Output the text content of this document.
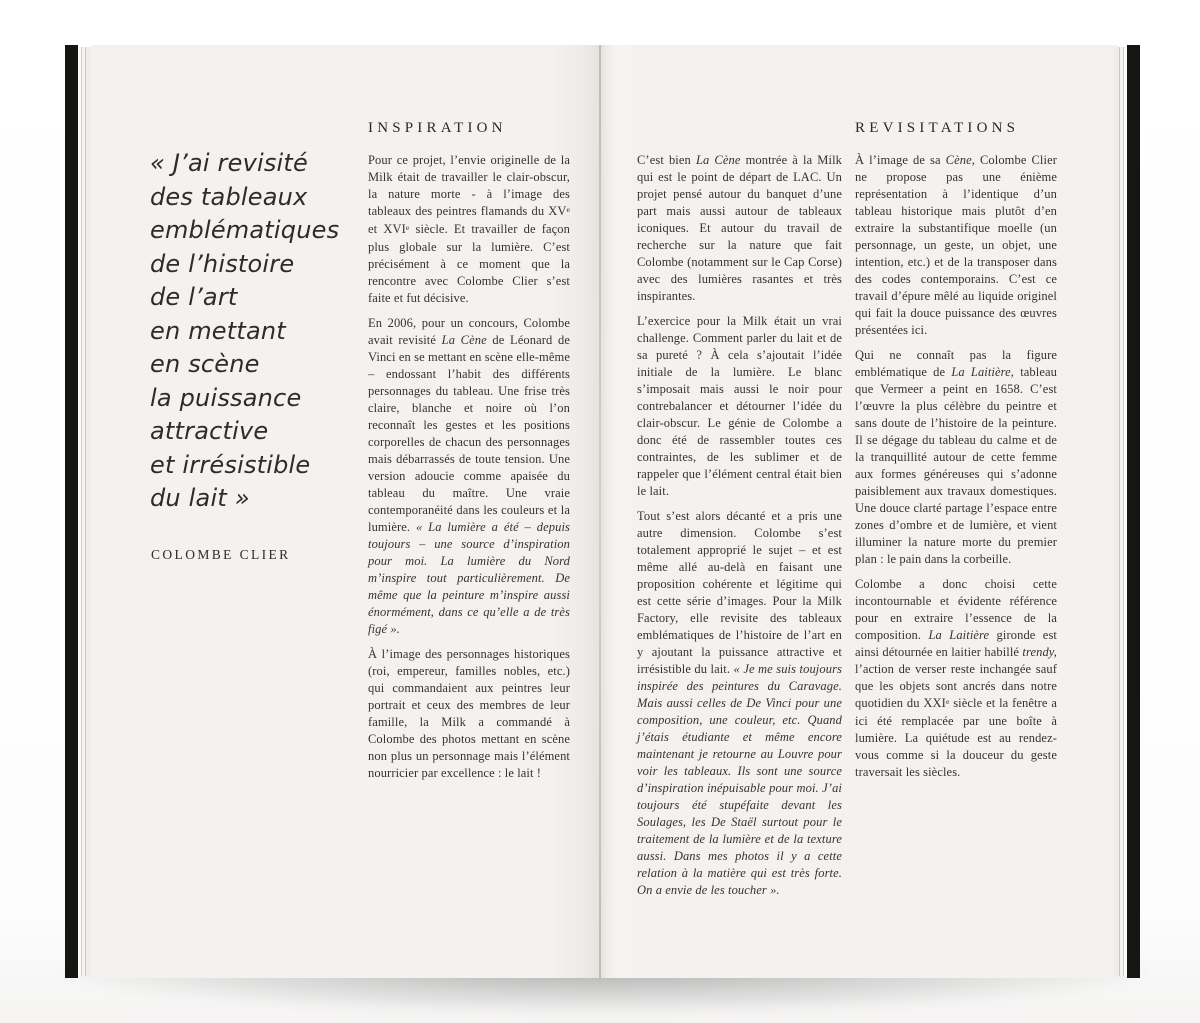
« J’ai revisité
des tableaux
emblématiques
de l’histoire
de l’art
en mettant
en scène
la puissance
attractive
et irrésistible
du lait »
COLOMBE CLIER
INSPIRATION

Pour ce projet, l’envie originelle de la Milk était de travailler le clair-obscur, la nature morte - à l’image des tableaux des peintres flamands du XVe et XVIe siècle. Et travailler de façon plus globale sur la lumière. C’est précisément à ce moment que la rencontre avec Colombe Clier s’est faite et fut décisive.

En 2006, pour un concours, Colombe avait revisité La Cène de Léonard de Vinci en se mettant en scène elle-même – endossant l’habit des différents personnages du tableau. Une frise très claire, blanche et noire où l’on reconnaît les gestes et les positions corporelles de chacun des personnages mais débarrassés de toute tension. Une version adoucie comme apaisée du tableau du maître. Une vraie contemporanéité dans les couleurs et la lumière. « La lumière a été – depuis toujours – une source d’inspiration pour moi. La lumière du Nord m’inspire tout particulièrement. De même que la peinture m’inspire aussi énormément, dans ce qu’elle a de très figé ».

À l’image des personnages historiques (roi, empereur, familles nobles, etc.) qui commandaient aux peintres leur portrait et ceux des membres de leur famille, la Milk a commandé à Colombe des photos mettant en scène non plus un personnage mais l’élément nourricier par excellence : le lait !

C’est bien La Cène montrée à la Milk qui est le point de départ de LAC. Un projet pensé autour du banquet d’une part mais aussi autour de tableaux iconiques. Et autour du travail de recherche sur la nature que fait Colombe (notamment sur le Cap Corse) avec des lumières rasantes et très inspirantes.

L’exercice pour la Milk était un vrai challenge. Comment parler du lait et de sa pureté ? À cela s’ajoutait l’idée initiale de la lumière. Le blanc s’imposait mais aussi le noir pour contrebalancer et détourner l’idée du clair-obscur. Le génie de Colombe a donc été de rassembler toutes ces contraintes, de les sublimer et de rappeler que l’élément central était bien le lait.

Tout s’est alors décanté et a pris une autre dimension. Colombe s’est totalement approprié le sujet – et est même allé au-delà en faisant une proposition cohérente et légitime qui est cette série d’images. Pour la Milk Factory, elle revisite des tableaux emblématiques de l’histoire de l’art en y ajoutant la puissance attractive et irrésistible du lait. « Je me suis toujours inspirée des peintures du Caravage. Mais aussi celles de De Vinci pour une composition, une couleur, etc. Quand j’étais étudiante et même encore maintenant je retourne au Louvre pour voir les tableaux. Ils sont une source d’inspiration inépuisable pour moi. J’ai toujours été stupéfaite devant les Soulages, les De Staël surtout pour le traitement de la lumière et de la texture aussi. Dans mes photos il y a cette relation à la matière qui est très forte. On a envie de les toucher ».

REVISITATIONS

À l’image de sa Cène, Colombe Clier ne propose pas une énième représentation à l’identique d’un tableau historique mais plutôt d’en extraire la substantifique moelle (un personnage, un geste, un objet, une intention, etc.) et de la transposer dans des codes contemporains. C’est ce travail d’épure mêlé au liquide originel qui fait la douce puissance des œuvres présentées ici.

Qui ne connaît pas la figure emblématique de La Laitière, tableau que Vermeer a peint en 1658. C’est l’œuvre la plus célèbre du peintre et sans doute de l’histoire de la peinture. Il se dégage du tableau du calme et de la tranquillité autour de cette femme aux formes généreuses qui s’adonne paisiblement aux travaux domestiques. Une douce clarté partage l’espace entre zones d’ombre et de lumière, et vient illuminer la nature morte du premier plan : le pain dans la corbeille.

Colombe a donc choisi cette incontournable et évidente référence pour en extraire l’essence de la composition. La Laitière gironde est ainsi détournée en laitier habillé trendy, l’action de verser reste inchangée sauf que les objets sont ancrés dans notre quotidien du XXIe siècle et la fenêtre a ici été remplacée par une boîte à lumière. La quiétude est au rendez-vous comme si la douceur du geste traversait les siècles.
